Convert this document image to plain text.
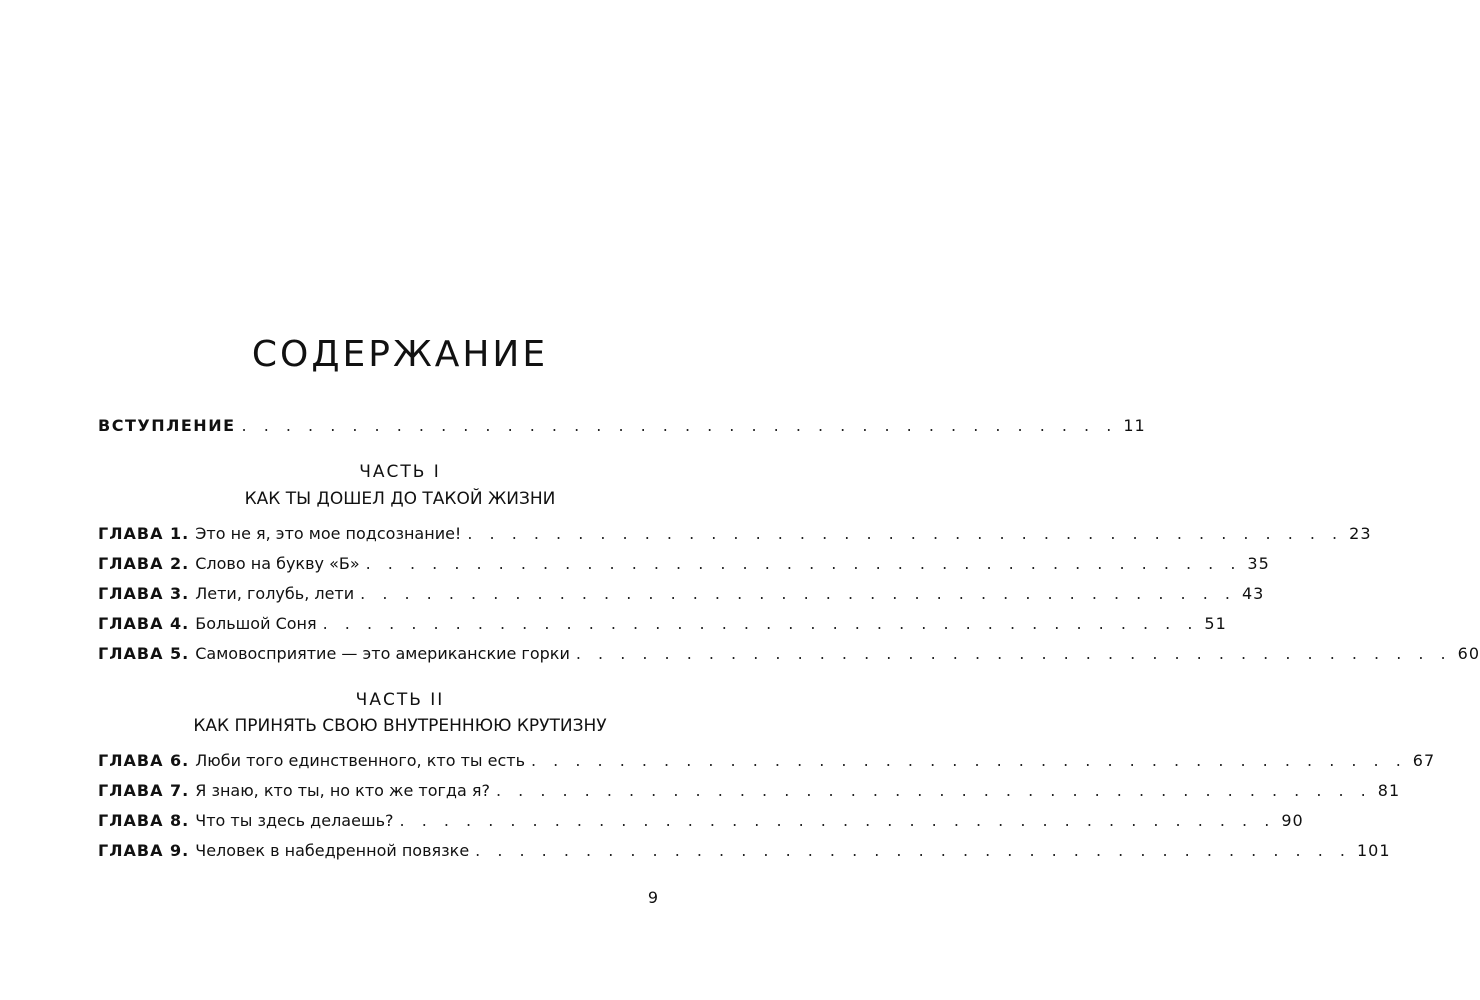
СОДЕРЖАНИЕ
ВСТУПЛЕНИЕ . . . . . . . . . . . . . . . . . . . . . . . . . . . . . . . . . . . . . . . . 11
ЧАСТЬ I
КАК ТЫ ДОШЕЛ ДО ТАКОЙ ЖИЗНИ
ГЛАВА 1. Это не я, это мое подсознание! . . . . . . . . . . . . . . . . . . . . . . . . . . . . . . . . . . . . . . . . 23
ГЛАВА 2. Слово на букву «Б» . . . . . . . . . . . . . . . . . . . . . . . . . . . . . . . . . . . . . . . . 35
ГЛАВА 3. Лети, голубь, лети . . . . . . . . . . . . . . . . . . . . . . . . . . . . . . . . . . . . . . . . 43
ГЛАВА 4. Большой Соня . . . . . . . . . . . . . . . . . . . . . . . . . . . . . . . . . . . . . . . . 51
ГЛАВА 5. Самовосприятие — это американские горки . . . . . . . . . . . . . . . . . . . . . . . . . . . . . . . . . . . . . . . . 60
ЧАСТЬ II
КАК ПРИНЯТЬ СВОЮ ВНУТРЕННЮЮ КРУТИЗНУ
ГЛАВА 6. Люби того единственного, кто ты есть . . . . . . . . . . . . . . . . . . . . . . . . . . . . . . . . . . . . . . . . 67
ГЛАВА 7. Я знаю, кто ты, но кто же тогда я? . . . . . . . . . . . . . . . . . . . . . . . . . . . . . . . . . . . . . . . . 81
ГЛАВА 8. Что ты здесь делаешь? . . . . . . . . . . . . . . . . . . . . . . . . . . . . . . . . . . . . . . . . 90
ГЛАВА 9. Человек в набедренной повязке . . . . . . . . . . . . . . . . . . . . . . . . . . . . . . . . . . . . . . . . 101
9
